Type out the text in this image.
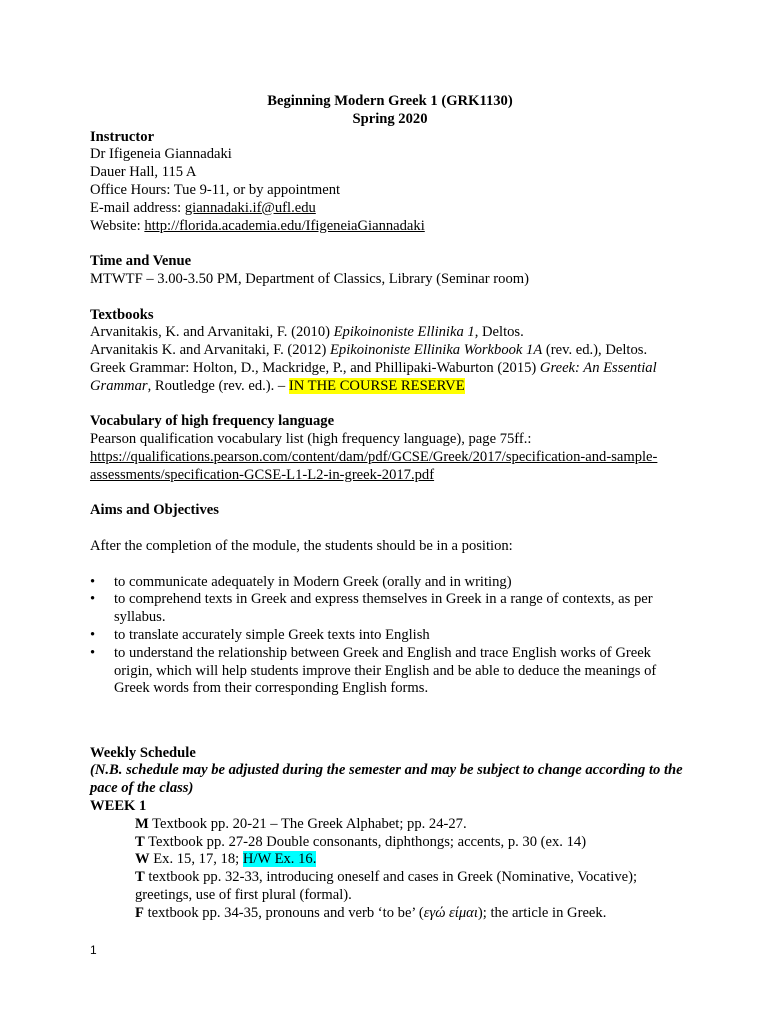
Beginning Modern Greek 1 (GRK1130)

Spring 2020

Instructor

Dr Ifigeneia Giannadaki

Dauer Hall, 115 A

Office Hours: Tue 9-11, or by appointment

E-mail address: giannadaki.if@ufl.edu

Website: http://florida.academia.edu/IfigeneiaGiannadaki

Time and Venue

MTWTF – 3.00-3.50 PM, Department of Classics, Library (Seminar room)

Textbooks

Arvanitakis, K. and Arvanitaki, F. (2010) Epikoinoniste Ellinika 1, Deltos.

Arvanitakis K. and Arvanitaki, F. (2012) Epikoinoniste Ellinika Workbook 1A (rev. ed.), Deltos.

Greek Grammar: Holton, D., Mackridge, P., and Phillipaki-Waburton (2015) Greek: An Essential Grammar, Routledge (rev. ed.). – IN THE COURSE RESERVE

Vocabulary of high frequency language

Pearson qualification vocabulary list (high frequency language), page 75ff.:

https://qualifications.pearson.com/content/dam/pdf/GCSE/Greek/2017/specification-and-sample-

assessments/specification-GCSE-L1-L2-in-greek-2017.pdf

Aims and Objectives

After the completion of the module, the students should be in a position:

• to communicate adequately in Modern Greek (orally and in writing)
• to comprehend texts in Greek and express themselves in Greek in a range of contexts, as per syllabus.
• to translate accurately simple Greek texts into English
• to understand the relationship between Greek and English and trace English works of Greek origin, which will help students improve their English and be able to deduce the meanings of Greek words from their corresponding English forms.

Weekly Schedule

(N.B. schedule may be adjusted during the semester and may be subject to change according to the pace of the class)

WEEK 1

M Textbook pp. 20-21 – The Greek Alphabet; pp. 24-27.

T Textbook pp. 27-28 Double consonants, diphthongs; accents, p. 30 (ex. 14)

W Ex. 15, 17, 18; H/W Ex. 16.

T textbook pp. 32-33, introducing oneself and cases in Greek (Nominative, Vocative); greetings, use of first plural (formal).

F textbook pp. 34-35, pronouns and verb ‘to be’ (εγώ είμαι); the article in Greek.

1
